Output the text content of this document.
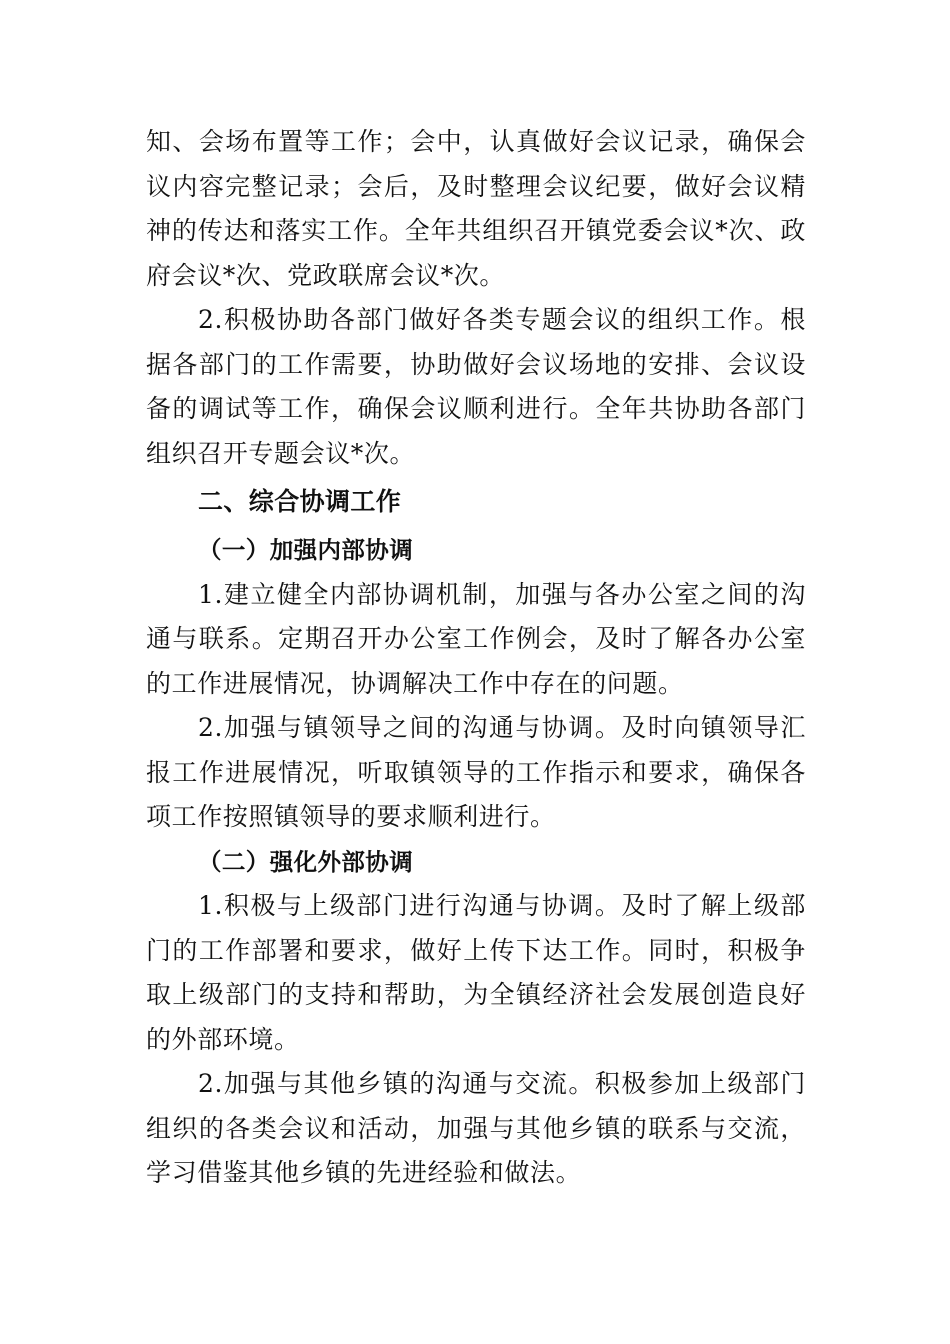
知、会场布置等工作；会中，认真做好会议记录，确保会议内容完整记录；会后，及时整理会议纪要，做好会议精神的传达和落实工作。全年共组织召开镇党委会议*次、政府会议*次、党政联席会议*次。

2.积极协助各部门做好各类专题会议的组织工作。根据各部门的工作需要，协助做好会议场地的安排、会议设备的调试等工作，确保会议顺利进行。全年共协助各部门组织召开专题会议*次。

二、综合协调工作
（一）加强内部协调

1.建立健全内部协调机制，加强与各办公室之间的沟通与联系。定期召开办公室工作例会，及时了解各办公室的工作进展情况，协调解决工作中存在的问题。

2.加强与镇领导之间的沟通与协调。及时向镇领导汇报工作进展情况，听取镇领导的工作指示和要求，确保各项工作按照镇领导的要求顺利进行。

（二）强化外部协调

1.积极与上级部门进行沟通与协调。及时了解上级部门的工作部署和要求，做好上传下达工作。同时，积极争取上级部门的支持和帮助，为全镇经济社会发展创造良好的外部环境。

2.加强与其他乡镇的沟通与交流。积极参加上级部门组织的各类会议和活动，加强与其他乡镇的联系与交流，学习借鉴其他乡镇的先进经验和做法。
